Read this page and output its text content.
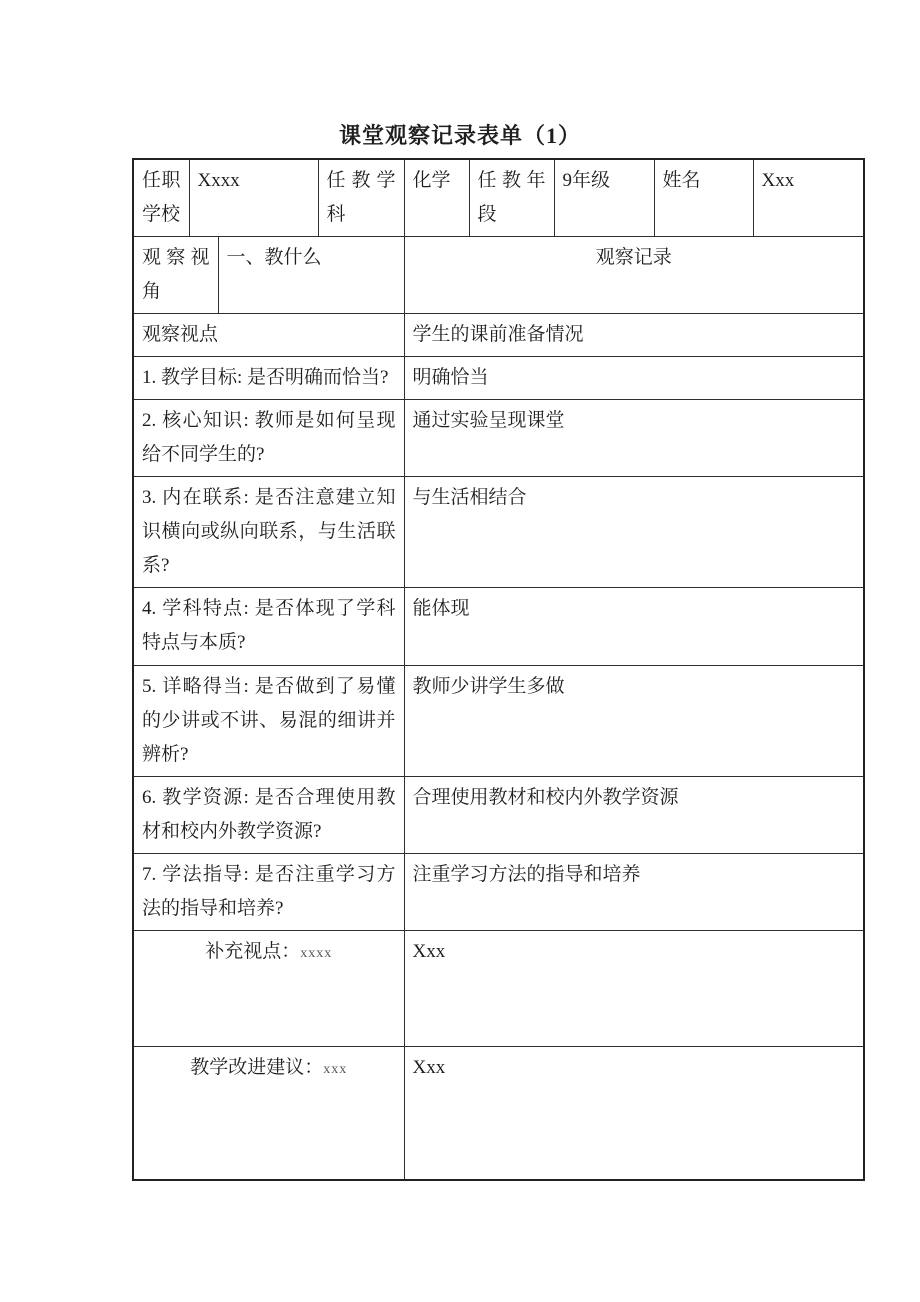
课堂观察记录表单（1）
任职学校	Xxxx		任教学科	化学	任教年段	9年级	姓名	Xxx
观察视角		一、教什么		观察记录				
观察视点				学生的课前准备情况				
1. 教学目标: 是否明确而恰当?				明确恰当				
2. 核心知识: 教师是如何呈现给不同学生的?				通过实验呈现课堂				
3. 内在联系: 是否注意建立知识横向或纵向联系，与生活联系?				与生活相结合				
4. 学科特点: 是否体现了学科特点与本质?				能体现				
5. 详略得当: 是否做到了易懂的少讲或不讲、易混的细讲并辨析?				教师少讲学生多做				
6. 教学资源: 是否合理使用教材和校内外教学资源?				合理使用教材和校内外教学资源				
7. 学法指导: 是否注重学习方法的指导和培养?				注重学习方法的指导和培养				
补充视点：xxxx				Xxx				
教学改进建议：xxx				Xxx				
